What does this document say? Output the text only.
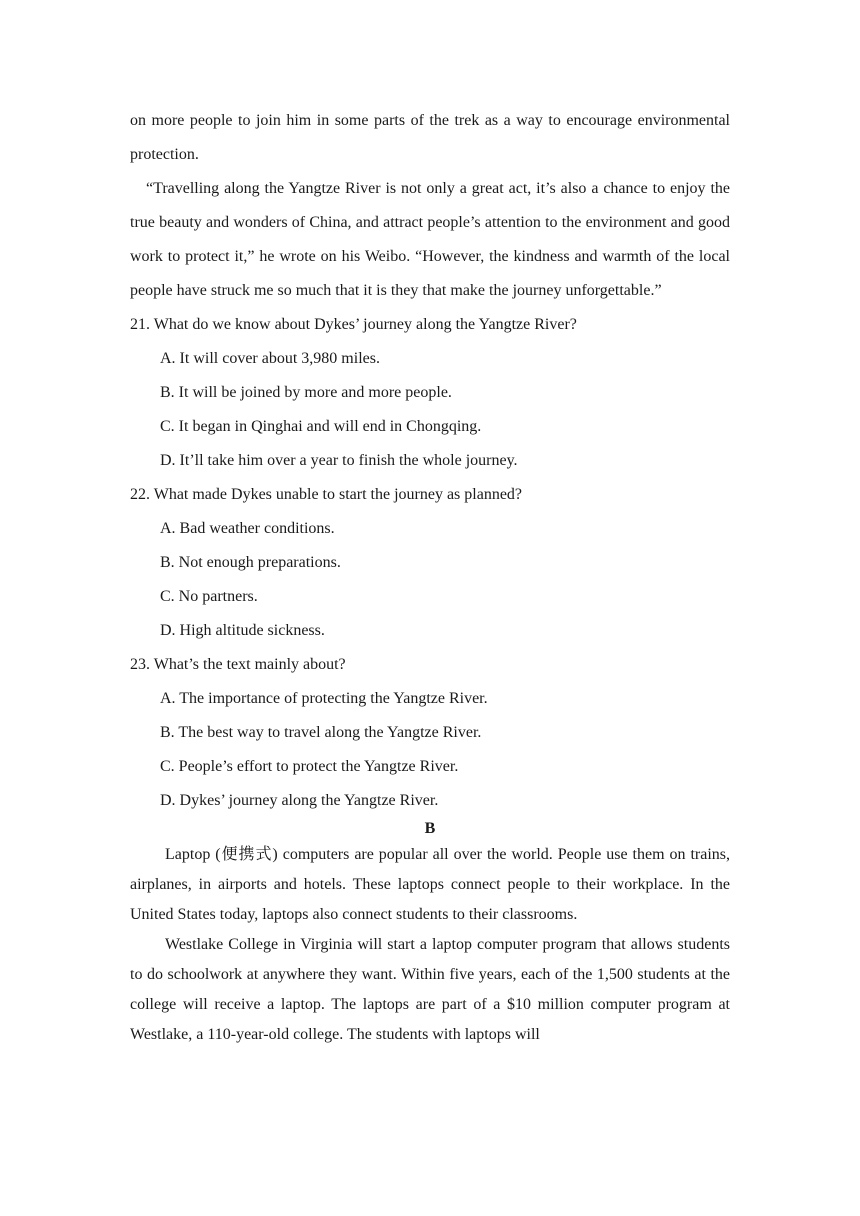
on more people to join him in some parts of the trek as a way to encourage environmental protection.

“Travelling along the Yangtze River is not only a great act, it’s also a chance to enjoy the true beauty and wonders of China, and attract people’s attention to the environment and good work to protect it,” he wrote on his Weibo. “However, the kindness and warmth of the local people have struck me so much that it is they that make the journey unforgettable.”

21. What do we know about Dykes’ journey along the Yangtze River?

A. It will cover about 3,980 miles.

B. It will be joined by more and more people.

C. It began in Qinghai and will end in Chongqing.

D. It’ll take him over a year to finish the whole journey.

22. What made Dykes unable to start the journey as planned?

A. Bad weather conditions.

B. Not enough preparations.

C. No partners.

D. High altitude sickness.

23. What’s the text mainly about?

A. The importance of protecting the Yangtze River.

B. The best way to travel along the Yangtze River.

C. People’s effort to protect the Yangtze River.

D. Dykes’ journey along the Yangtze River.

B

Laptop (便携式) computers are popular all over the world. People use them on trains, airplanes, in airports and hotels. These laptops connect people to their workplace. In the United States today, laptops also connect students to their classrooms.

Westlake College in Virginia will start a laptop computer program that allows students to do schoolwork at anywhere they want. Within five years, each of the 1,500 students at the college will receive a laptop. The laptops are part of a $10 million computer program at Westlake, a 110-year-old college. The students with laptops will
